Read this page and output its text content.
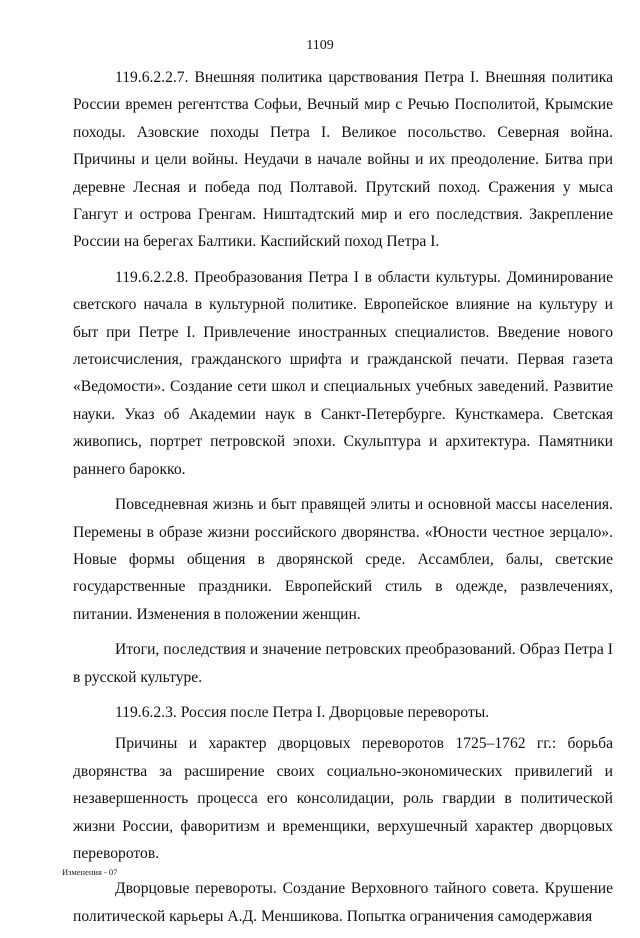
1109

119.6.2.2.7. Внешняя политика царствования Петра I. Внешняя политика России времен регентства Софьи, Вечный мир с Речью Посполитой, Крымские походы. Азовские походы Петра I. Великое посольство. Северная война. Причины и цели войны. Неудачи в начале войны и их преодоление. Битва при деревне Лесная и победа под Полтавой. Прутский поход. Сражения у мыса Гангут и острова Гренгам. Ништадтский мир и его последствия. Закрепление России на берегах Балтики. Каспийский поход Петра I.

119.6.2.2.8. Преобразования Петра I в области культуры. Доминирование светского начала в культурной политике. Европейское влияние на культуру и быт при Петре I. Привлечение иностранных специалистов. Введение нового летоисчисления, гражданского шрифта и гражданской печати. Первая газета «Ведомости». Создание сети школ и специальных учебных заведений. Развитие науки. Указ об Академии наук в Санкт-Петербурге. Кунсткамера. Светская живопись, портрет петровской эпохи. Скульптура и архитектура. Памятники раннего барокко.

Повседневная жизнь и быт правящей элиты и основной массы населения. Перемены в образе жизни российского дворянства. «Юности честное зерцало». Новые формы общения в дворянской среде. Ассамблеи, балы, светские государственные праздники. Европейский стиль в одежде, развлечениях, питании. Изменения в положении женщин.

Итоги, последствия и значение петровских преобразований. Образ Петра I в русской культуре.

119.6.2.3. Россия после Петра I. Дворцовые перевороты.

Причины и характер дворцовых переворотов 1725–1762 гг.: борьба дворянства за расширение своих социально-экономических привилегий и незавершенность процесса его консолидации, роль гвардии в политической жизни России, фаворитизм и временщики, верхушечный характер дворцовых переворотов.

Дворцовые перевороты. Создание Верховного тайного совета. Крушение политической карьеры А.Д. Меншикова. Попытка ограничения самодержавия

Изменения - 07
